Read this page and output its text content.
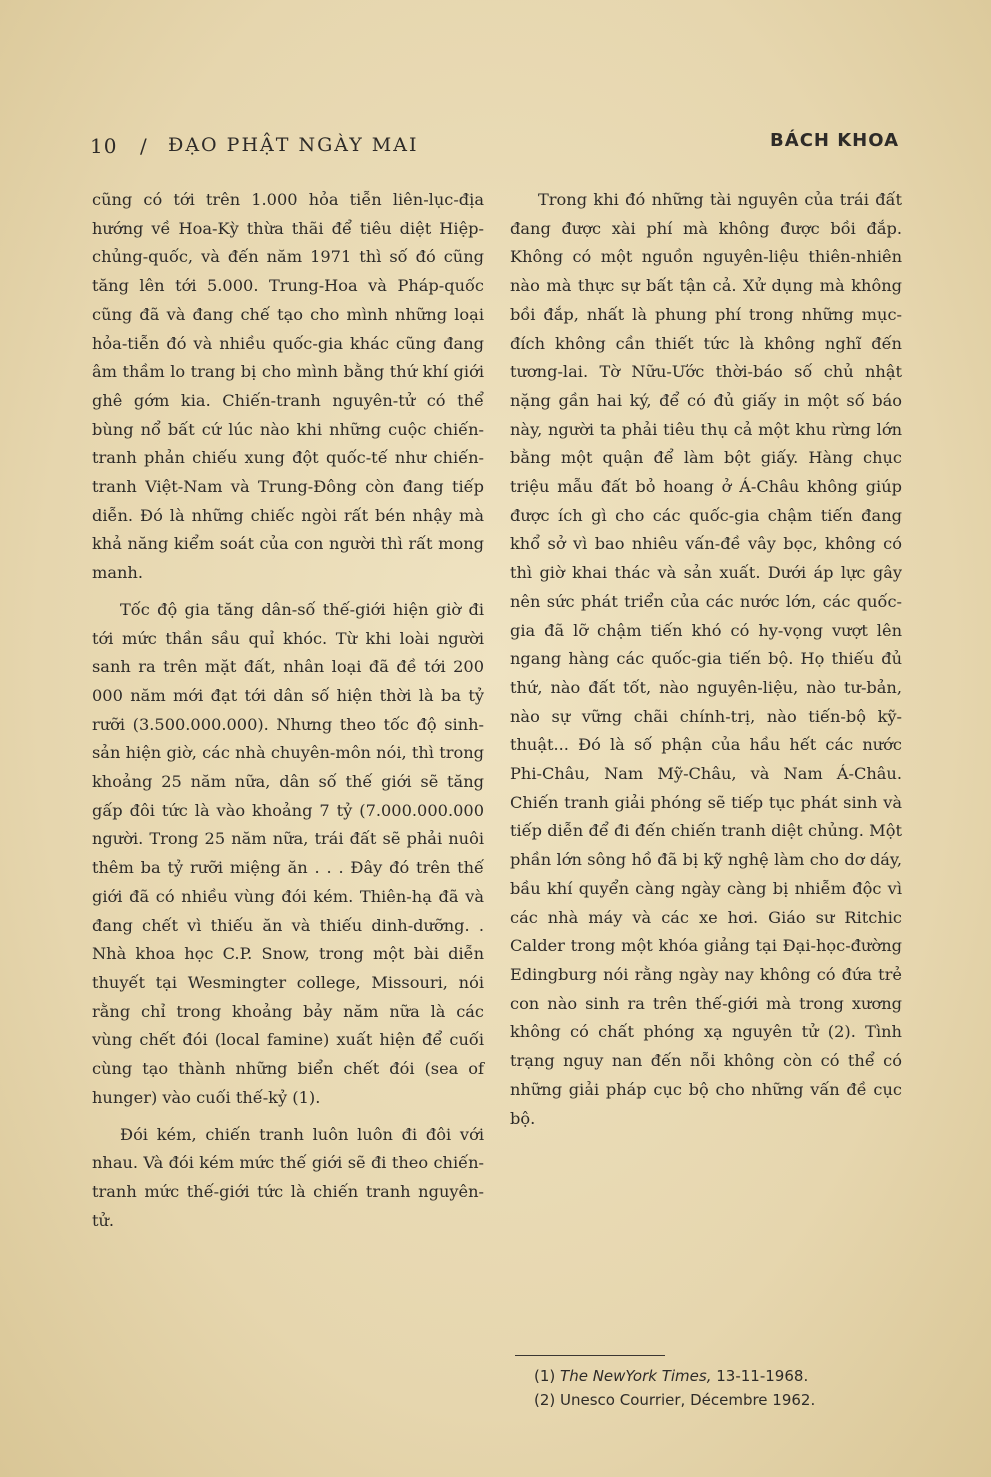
10 / ĐẠO PHẬT NGÀY MAI	BÁCH KHOA

cũng có tới trên 1.000 hỏa tiễn liên-lục-địa hướng về Hoa-Kỳ thừa thãi để tiêu diệt Hiệp-chủng-quốc, và đến năm 1971 thì số đó cũng tăng lên tới 5.000. Trung-Hoa và Pháp-quốc cũng đã và đang chế tạo cho mình những loại hỏa-tiễn đó và nhiều quốc-gia khác cũng đang âm thầm lo trang bị cho mình bằng thứ khí giới ghê gớm kia. Chiến-tranh nguyên-tử có thể bùng nổ bất cứ lúc nào khi những cuộc chiến-tranh phản chiếu xung đột quốc-tế như chiến-tranh Việt-Nam và Trung-Đông còn đang tiếp diễn. Đó là những chiếc ngòi rất bén nhậy mà khả năng kiểm soát của con người thì rất mong manh.

Tốc độ gia tăng dân-số thế-giới hiện giờ đi tới mức thần sầu quỉ khóc. Từ khi loài người sanh ra trên mặt đất, nhân loại đã đề tới 200 000 năm mới đạt tới dân số hiện thời là ba tỷ rưỡi (3.500.000.000). Nhưng theo tốc độ sinh-sản hiện giờ, các nhà chuyên-môn nói, thì trong khoảng 25 năm nữa, dân số thế giới sẽ tăng gấp đôi tức là vào khoảng 7 tỷ (7.000.000.000 người. Trong 25 năm nữa, trái đất sẽ phải nuôi thêm ba tỷ rưỡi miệng ăn . . . Đây đó trên thế giới đã có nhiều vùng đói kém. Thiên-hạ đã và đang chết vì thiếu ăn và thiếu dinh-dưỡng. . Nhà khoa học C.P. Snow, trong một bài diễn thuyết tại Wesmingter college, Missouri, nói rằng chỉ trong khoảng bảy năm nữa là các vùng chết đói (local famine) xuất hiện để cuối cùng tạo thành những biển chết đói (sea of hunger) vào cuối thế-kỷ (1).

Đói kém, chiến tranh luôn luôn đi đôi với nhau. Và đói kém mức thế giới sẽ đi theo chiến-tranh mức thế-giới tức là chiến tranh nguyên-tử.

Trong khi đó những tài nguyên của trái đất đang được xài phí mà không được bồi đắp. Không có một nguồn nguyên-liệu thiên-nhiên nào mà thực sự bất tận cả. Xử dụng mà không bồi đắp, nhất là phung phí trong những mục-đích không cần thiết tức là không nghĩ đến tương-lai. Tờ Nữu-Ước thời-báo số chủ nhật nặng gần hai ký, để có đủ giấy in một số báo này, người ta phải tiêu thụ cả một khu rừng lớn bằng một quận để làm bột giấy. Hàng chục triệu mẫu đất bỏ hoang ở Á-Châu không giúp được ích gì cho các quốc-gia chậm tiến đang khổ sở vì bao nhiêu vấn-đề vây bọc, không có thì giờ khai thác và sản xuất. Dưới áp lực gây nên sức phát triển của các nước lớn, các quốc-gia đã lỡ chậm tiến khó có hy-vọng vượt lên ngang hàng các quốc-gia tiến bộ. Họ thiếu đủ thứ, nào đất tốt, nào nguyên-liệu, nào tư-bản, nào sự vững chãi chính-trị, nào tiến-bộ kỹ-thuật... Đó là số phận của hầu hết các nước Phi-Châu, Nam Mỹ-Châu, và Nam Á-Châu. Chiến tranh giải phóng sẽ tiếp tục phát sinh và tiếp diễn để đi đến chiến tranh diệt chủng. Một phần lớn sông hồ đã bị kỹ nghệ làm cho dơ dáy, bầu khí quyển càng ngày càng bị nhiễm độc vì các nhà máy và các xe hơi. Giáo sư Ritchic Calder trong một khóa giảng tại Đại-học-đường Edingburg nói rằng ngày nay không có đứa trẻ con nào sinh ra trên thế-giới mà trong xương không có chất phóng xạ nguyên tử (2). Tình trạng nguy nan đến nỗi không còn có thể có những giải pháp cục bộ cho những vấn đề cục bộ.

(1) The NewYork Times, 13-11-1968.
(2) Unesco Courrier, Décembre 1962.
